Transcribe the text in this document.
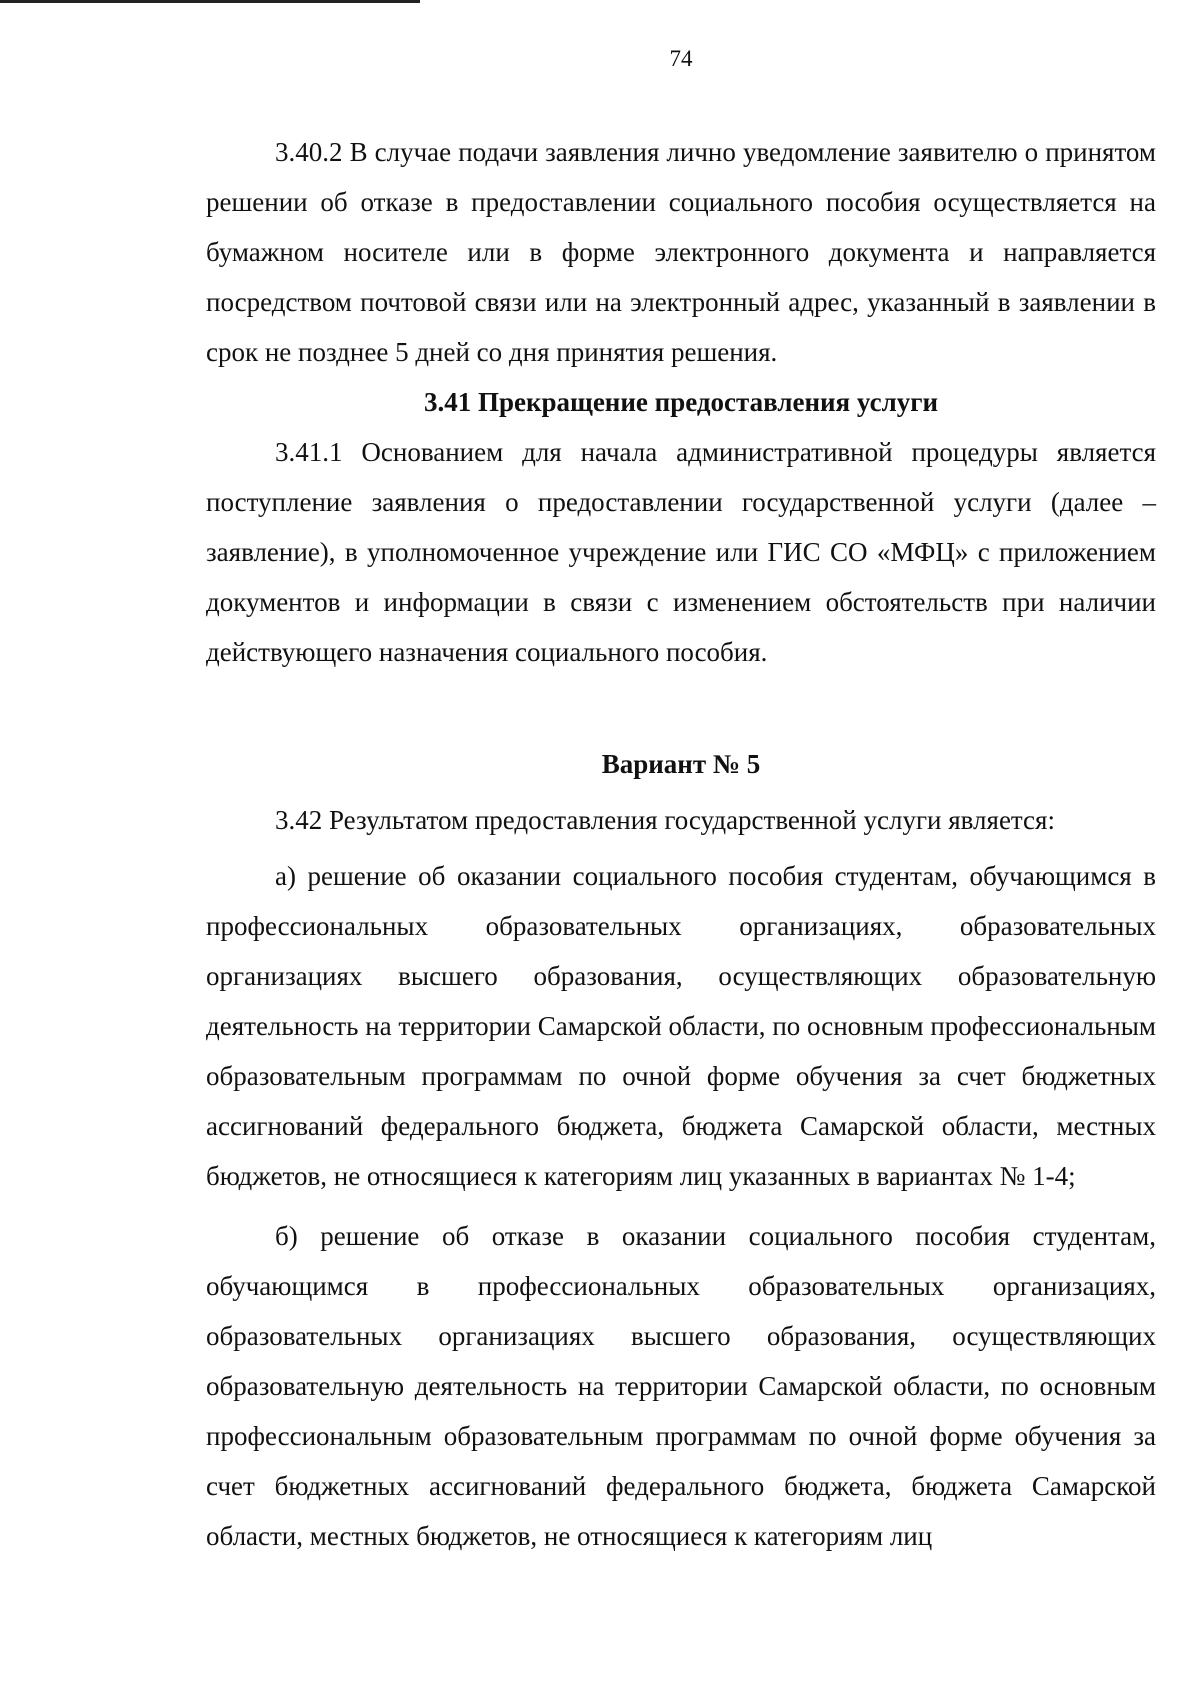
74

3.40.2 В случае подачи заявления лично уведомление заявителю о принятом решении об отказе в предоставлении социального пособия осуществляется на бумажном носителе или в форме электронного документа и направляется посредством почтовой связи или на электронный адрес, указанный в заявлении в срок не позднее 5 дней со дня принятия решения.

3.41 Прекращение предоставления услуги

3.41.1 Основанием для начала административной процедуры является поступление заявления о предоставлении государственной услуги (далее – заявление), в уполномоченное учреждение или ГИС СО «МФЦ» с приложением документов и информации в связи с изменением обстоятельств при наличии действующего назначения социального пособия.

Вариант № 5

3.42 Результатом предоставления государственной услуги является:

а) решение об оказании социального пособия студентам, обучающимся в профессиональных образовательных организациях, образовательных организациях высшего образования, осуществляющих образовательную деятельность на территории Самарской области, по основным профессиональным образовательным программам по очной форме обучения за счет бюджетных ассигнований федерального бюджета, бюджета Самарской области, местных бюджетов, не относящиеся к категориям лиц указанных в вариантах № 1-4;

б) решение об отказе в оказании социального пособия студентам, обучающимся в профессиональных образовательных организациях, образовательных организациях высшего образования, осуществляющих образовательную деятельность на территории Самарской области, по основным профессиональным образовательным программам по очной форме обучения за счет бюджетных ассигнований федерального бюджета, бюджета Самарской области, местных бюджетов, не относящиеся к категориям лиц
